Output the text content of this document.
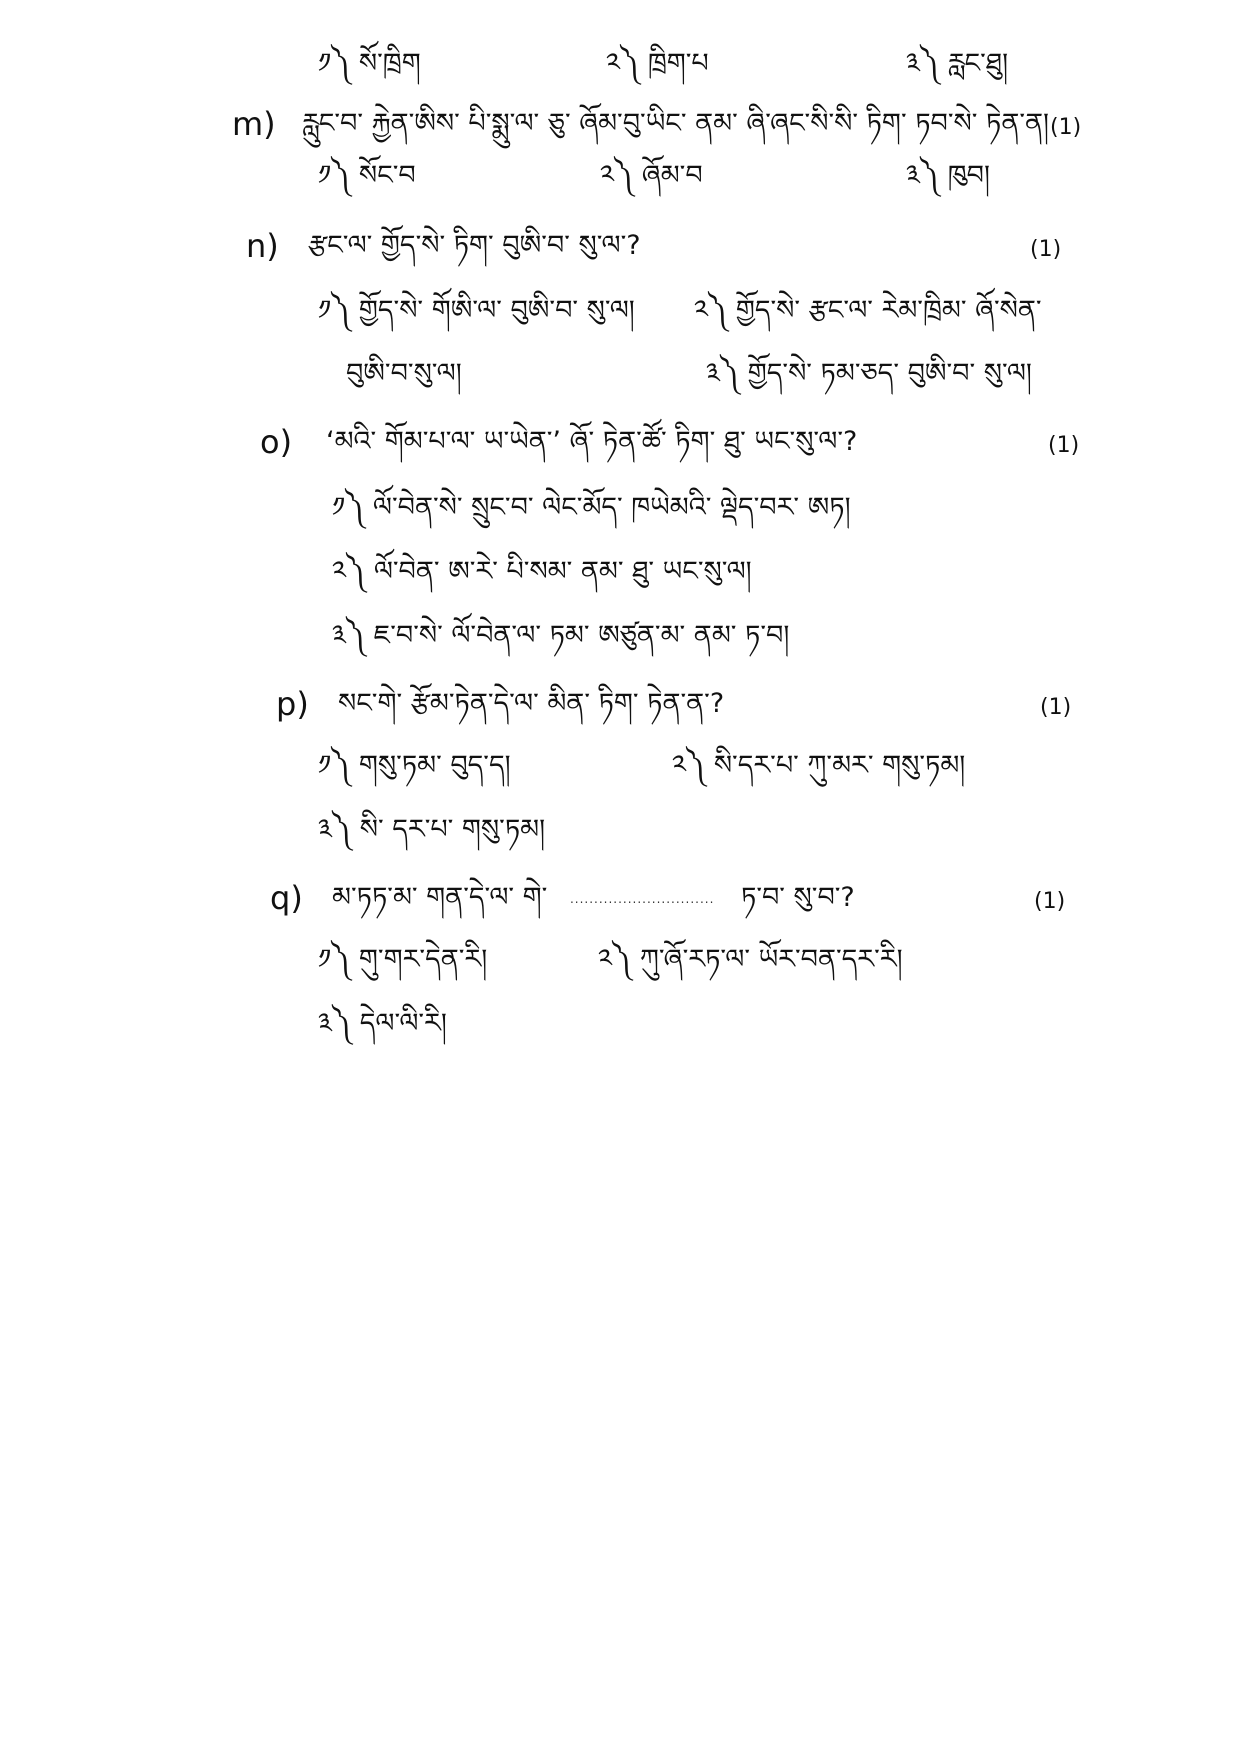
༡༽ སོ་ཁྲིག	༢༽ ཁྲིག་པ	༣༽ རླང་ཐུ།
m) རླུང་བ་ རྐྱེན་ཨིས་ པི་སྨུ་ལ་ ཅུ་ ཞོམ་བུ་ཡིང་ ནམ་ ཞི་ཞང་སི་སི་ ཏིག་ ཏབ་སེ་ ཏེན་ན། (1)
༡༽ སོང་བ	༢༽ ཞོམ་བ	༣༽ ཁུབ།
n) རྩང་ལ་ གྱོད་སེ་ ཏིག་ བུཨི་བ་ སུ་ལ་?	(1)
༡༽ གྱོད་སེ་ གོཨི་ལ་ བུཨི་བ་ སུ་ལ། ༢༽ གྱོད་སེ་ རྩང་ལ་ རེམ་ཁྲིམ་ ཞོ་སེན་
བུཨི་བ་སུ་ལ།	༣༽ གྱོད་སེ་ ཏམ་ཅད་ བུཨི་བ་ སུ་ལ།
o) ‘མའི་ གོམ་པ་ལ་ ཡ་ཡེན་’ ཞོ་ ཏེན་ཚོ་ ཏིག་ ཐུ་ ཡང་སུ་ལ་?	(1)
༡༽ ལོ་བེན་སེ་ སྲུང་བ་ ལེང་མོད་ ཁཡེམའི་ ལྡེད་བར་ ཨཏ།
༢༽ ལོ་བེན་ ཨ་རེ་ པི་སམ་ ནམ་ ཐུ་ ཡང་སུ་ལ།
༣༽ ཇ་བ་སེ་ ལོ་བེན་ལ་ ཏམ་ ཨཙུན་མ་ ནམ་ ཏ་བ།
p) སང་གེ་ རྩོམ་ཏེན་དེ་ལ་ མིན་ ཏིག་ ཏེན་ན་?	(1)
༡༽ གསུ་ཏམ་ བུད་ད།	༢༽ སི་དར་པ་ ཀུ་མར་ གསུ་ཏམ།
༣༽ སི་ དར་པ་ གསུ་ཏམ།
q) མ་ཏཏ་མ་ གན་དེ་ལ་ གེ་ .............................. ཏ་བ་ སུ་བ་?	(1)
༡༽ གུ་གར་དེན་རི།	༢༽ ཀུ་ཞོ་རཏ་ལ་ ཡོར་བན་དར་རི།
༣༽ དེལ་ལི་རི།
